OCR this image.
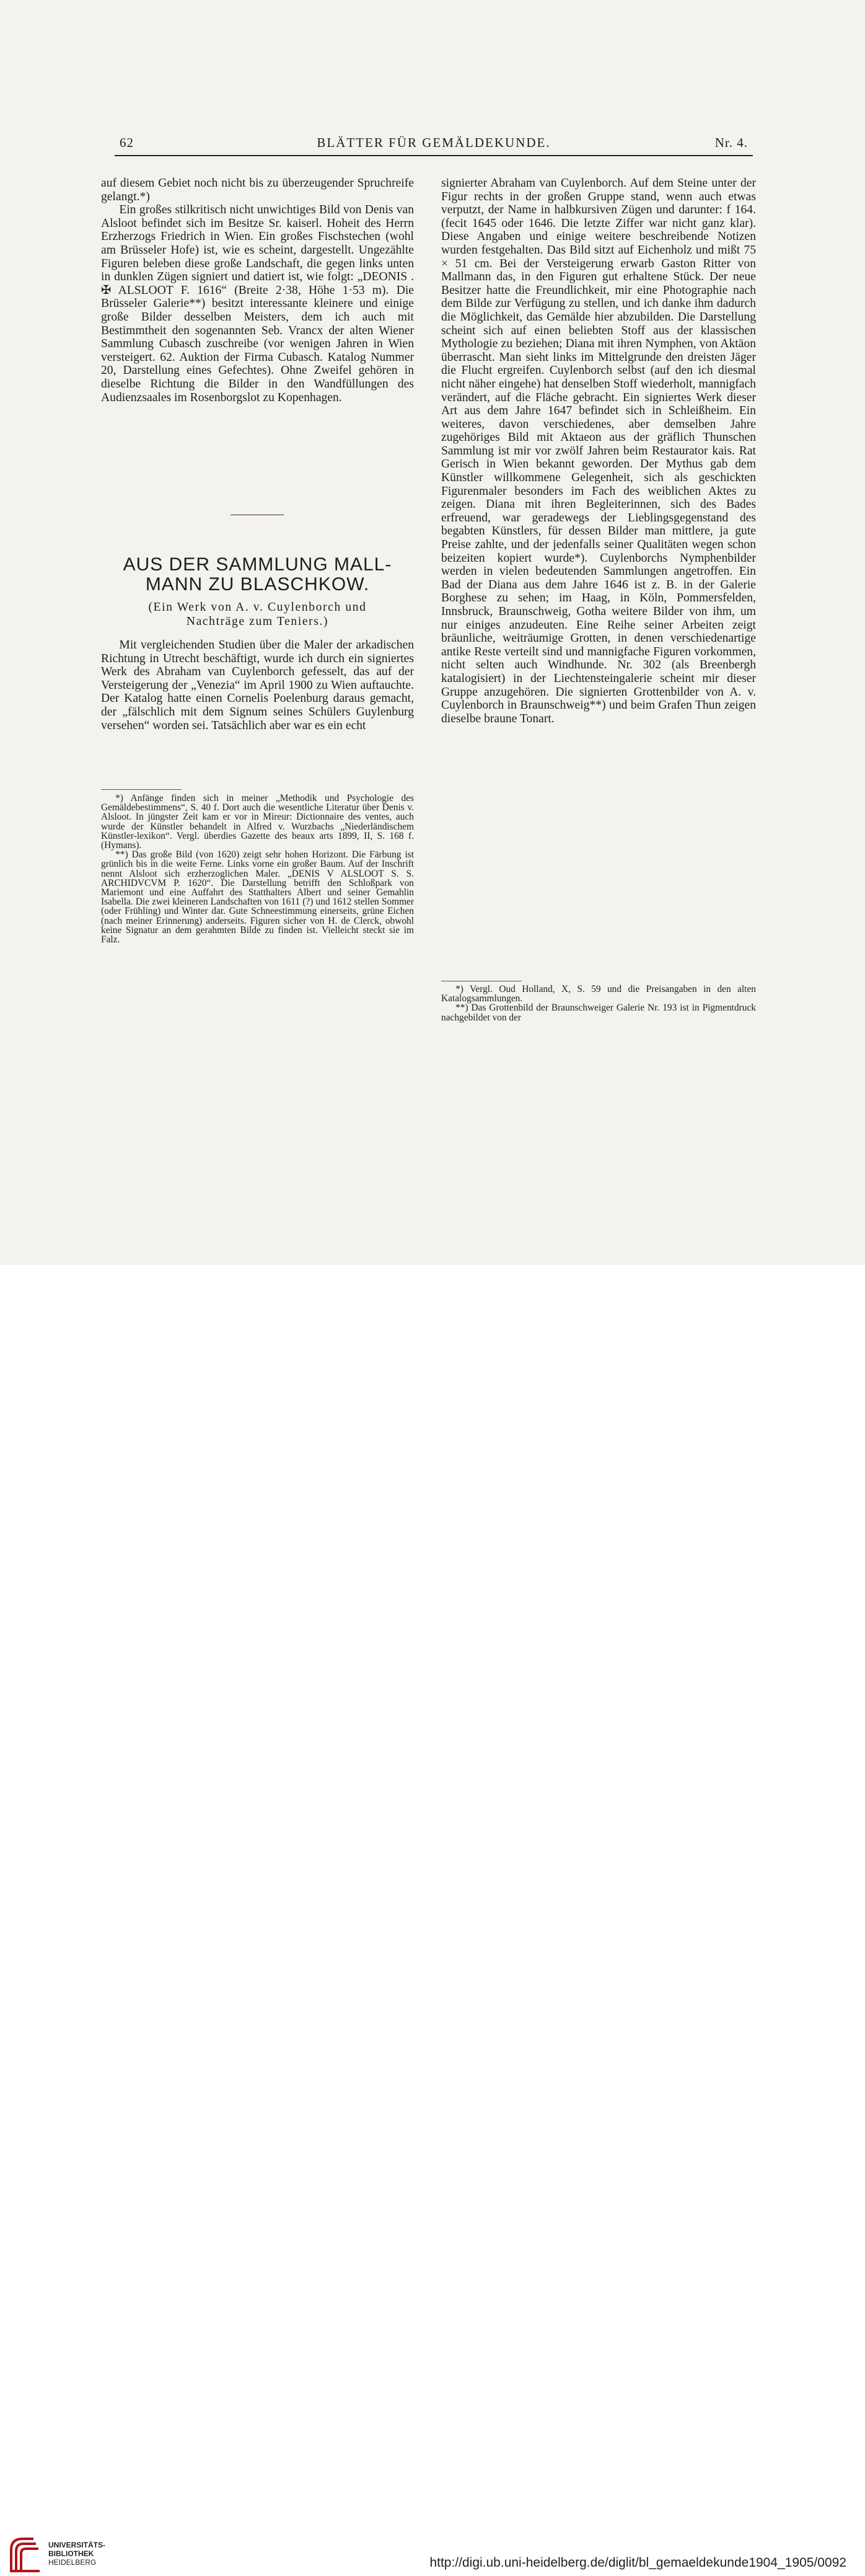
62	BLÄTTER FÜR GEMÄLDEKUNDE.	Nr. 4.

auf diesem Gebiet noch nicht bis zu überzeugender Spruchreife gelangt.*)

Ein großes stilkritisch nicht unwichtiges Bild von Denis van Alsloot befindet sich im Besitze Sr. kaiserl. Hoheit des Herrn Erzherzogs Friedrich in Wien. Ein großes Fischstechen (wohl am Brüsseler Hofe) ist, wie es scheint, dargestellt. Ungezählte Figuren beleben diese große Landschaft, die gegen links unten in dunklen Zügen signiert und datiert ist, wie folgt: „DEONIS . ✠ ALSLOOT F. 1616“ (Breite 2·38, Höhe 1·53 m). Die Brüsseler Galerie**) besitzt interessante kleinere und einige große Bilder desselben Meisters, dem ich auch mit Bestimmtheit den sogenannten Seb. Vrancx der alten Wiener Sammlung Cubasch zuschreibe (vor wenigen Jahren in Wien versteigert. 62. Auktion der Firma Cubasch. Katalog Nummer 20, Darstellung eines Gefechtes). Ohne Zweifel gehören in dieselbe Richtung die Bilder in den Wandfüllungen des Audienzsaales im Rosenborgslot zu Kopenhagen.

AUS DER SAMMLUNG MALL-
MANN ZU BLASCHKOW.
(Ein Werk von A. v. Cuylenborch und
Nachträge zum Teniers.)

Mit vergleichenden Studien über die Maler der arkadischen Richtung in Utrecht beschäftigt, wurde ich durch ein signiertes Werk des Abraham van Cuylenborch gefesselt, das auf der Versteigerung der „Venezia“ im April 1900 zu Wien auftauchte. Der Katalog hatte einen Cornelis Poelenburg daraus gemacht, der „fälschlich mit dem Signum seines Schülers Guylenburg versehen“ worden sei. Tatsächlich aber war es ein echt

*) Anfänge finden sich in meiner „Methodik und Psychologie des Gemäldebestimmens“, S. 40 f. Dort auch die wesentliche Literatur über Denis v. Alsloot. In jüngster Zeit kam er vor in Mireur: Dictionnaire des ventes, auch wurde der Künstler behandelt in Alfred v. Wurzbachs „Niederländischem Künstler-lexikon“. Vergl. überdies Gazette des beaux arts 1899, II, S. 168 f. (Hymans).

**) Das große Bild (von 1620) zeigt sehr hohen Horizont. Die Färbung ist grünlich bis in die weite Ferne. Links vorne ein großer Baum. Auf der Inschrift nennt Alsloot sich erzherzoglichen Maler. „DENIS V ALSLOOT S. S. ARCHIDVCVM P. 1620“. Die Darstellung betrifft den Schloßpark von Mariemont und eine Auffahrt des Statthalters Albert und seiner Gemahlin Isabella. Die zwei kleineren Landschaften von 1611 (?) und 1612 stellen Sommer (oder Frühling) und Winter dar. Gute Schneestimmung einerseits, grüne Eichen (nach meiner Erinnerung) anderseits. Figuren sicher von H. de Clerck, obwohl keine Signatur an dem gerahmten Bilde zu finden ist. Vielleicht steckt sie im Falz.

signierter Abraham van Cuylenborch. Auf dem Steine unter der Figur rechts in der großen Gruppe stand, wenn auch etwas verputzt, der Name in halbkursiven Zügen und darunter: f 164. (fecit 1645 oder 1646. Die letzte Ziffer war nicht ganz klar). Diese Angaben und einige weitere beschreibende Notizen wurden festgehalten. Das Bild sitzt auf Eichenholz und mißt 75 × 51 cm. Bei der Versteigerung erwarb Gaston Ritter von Mallmann das, in den Figuren gut erhaltene Stück. Der neue Besitzer hatte die Freundlichkeit, mir eine Photographie nach dem Bilde zur Verfügung zu stellen, und ich danke ihm dadurch die Möglichkeit, das Gemälde hier abzubilden. Die Darstellung scheint sich auf einen beliebten Stoff aus der klassischen Mythologie zu beziehen; Diana mit ihren Nymphen, von Aktäon überrascht. Man sieht links im Mittelgrunde den dreisten Jäger die Flucht ergreifen. Cuylenborch selbst (auf den ich diesmal nicht näher eingehe) hat denselben Stoff wiederholt, mannigfach verändert, auf die Fläche gebracht. Ein signiertes Werk dieser Art aus dem Jahre 1647 befindet sich in Schleißheim. Ein weiteres, davon verschiedenes, aber demselben Jahre zugehöriges Bild mit Aktaeon aus der gräflich Thunschen Sammlung ist mir vor zwölf Jahren beim Restaurator kais. Rat Gerisch in Wien bekannt geworden. Der Mythus gab dem Künstler willkommene Gelegenheit, sich als geschickten Figurenmaler besonders im Fach des weiblichen Aktes zu zeigen. Diana mit ihren Begleiterinnen, sich des Bades erfreuend, war geradewegs der Lieblingsgegenstand des begabten Künstlers, für dessen Bilder man mittlere, ja gute Preise zahlte, und der jedenfalls seiner Qualitäten wegen schon beizeiten kopiert wurde*). Cuylenborchs Nymphenbilder werden in vielen bedeutenden Sammlungen angetroffen. Ein Bad der Diana aus dem Jahre 1646 ist z. B. in der Galerie Borghese zu sehen; im Haag, in Köln, Pommersfelden, Innsbruck, Braunschweig, Gotha weitere Bilder von ihm, um nur einiges anzudeuten. Eine Reihe seiner Arbeiten zeigt bräunliche, weiträumige Grotten, in denen verschiedenartige antike Reste verteilt sind und mannigfache Figuren vorkommen, nicht selten auch Windhunde. Nr. 302 (als Breenbergh katalogisiert) in der Liechtensteingalerie scheint mir dieser Gruppe anzugehören. Die signierten Grottenbilder von A. v. Cuylenborch in Braunschweig**) und beim Grafen Thun zeigen dieselbe braune Tonart.

*) Vergl. Oud Holland, X, S. 59 und die Preisangaben in den alten Katalogsammlungen.

**) Das Grottenbild der Braunschweiger Galerie Nr. 193 ist in Pigmentdruck nachgebildet von der

UNIVERSITÄTS-
BIBLIOTHEK
HEIDELBERG	http://digi.ub.uni-heidelberg.de/diglit/bl_gemaeldekunde1904_1905/0092
